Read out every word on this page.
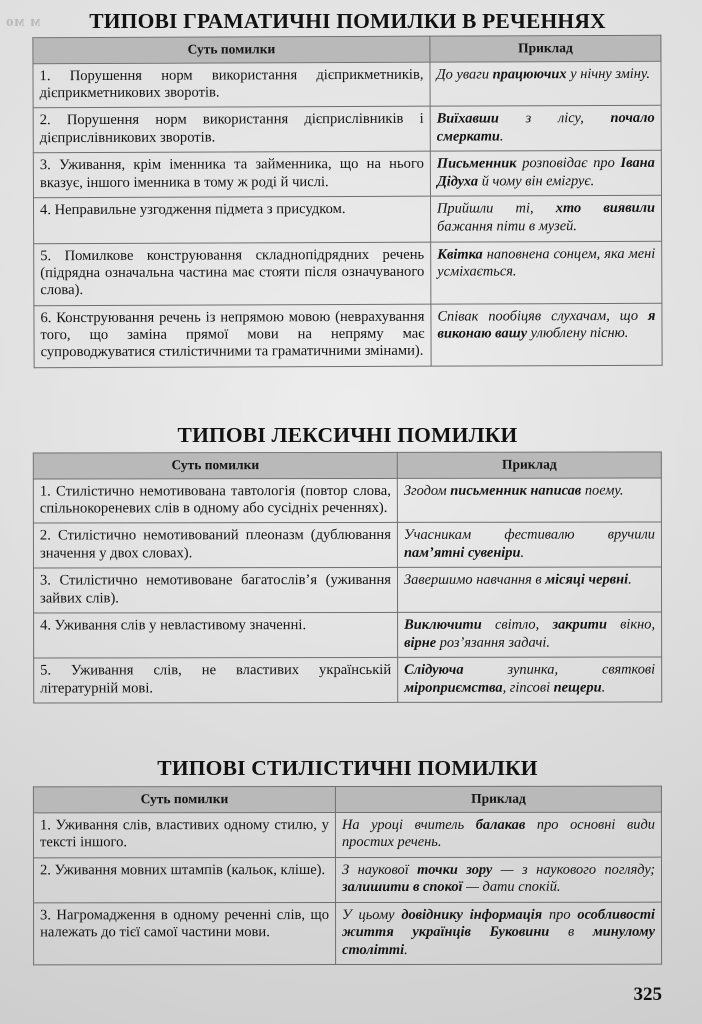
м мо	ТИПОВІ ГРАМАТИЧНІ ПОМИЛКИ В РЕЧЕННЯХ
Суть помилки	Приклад
1. Порушення норм використання дієприкметників, дієприкметникових зворотів.	До уваги працюючих у нічну зміну.
2. Порушення норм використання дієприслівників і дієприслівникових зворотів.	Виїхавши з лісу, почало смеркати.
3. Уживання, крім іменника та займенника, що на нього вказує, іншого іменника в тому ж роді й числі.	Письменник розповідає про Івана Дідуха й чому він емігрує.
4. Неправильне узгодження підмета з присудком.	Прийшли ті, хто виявили бажання піти в музей.
5. Помилкове конструювання складнопідрядних речень (підрядна означальна частина має стояти після означуваного слова).	Квітка наповнена сонцем, яка мені усміхається.
6. Конструювання речень із непрямою мовою (неврахування того, що заміна прямої мови на непряму має супроводжуватися стилістичними та граматичними змінами).	Співак пообіцяв слухачам, що я виконаю вашу улюблену пісню.
ТИПОВІ ЛЕКСИЧНІ ПОМИЛКИ
Суть помилки	Приклад
1. Стилістично немотивована тавтологія (повтор слова, спільнокореневих слів в одному або сусідніх реченнях).	Згодом письменник написав поему.
2. Стилістично немотивований плеоназм (дублювання значення у двох словах).	Учасникам фестивалю вручили пам’ятні сувеніри.
3. Стилістично немотивоване багатослів’я (уживання зайвих слів).	Завершимо навчання в місяці червні.
4. Уживання слів у невластивому значенні.	Виключити світло, закрити вікно, вірне роз’язання задачі.
5. Уживання слів, не властивих українській літературній мові.	Слідуюча зупинка, святкові міроприємства, гіпсові пещери.
ТИПОВІ СТИЛІСТИЧНІ ПОМИЛКИ
Суть помилки	Приклад
1. Уживання слів, властивих одному стилю, у тексті іншого.	На уроці вчитель балакав про основні види простих речень.
2. Уживання мовних штампів (кальок, кліше).	З наукової точки зору — з наукового погляду; залишити в спокої — дати спокій.
3. Нагромадження в одному реченні слів, що належать до тієї самої частини мови.	У цьому довіднику інформація про особливості життя українців Буковини в минулому столітті.
325
